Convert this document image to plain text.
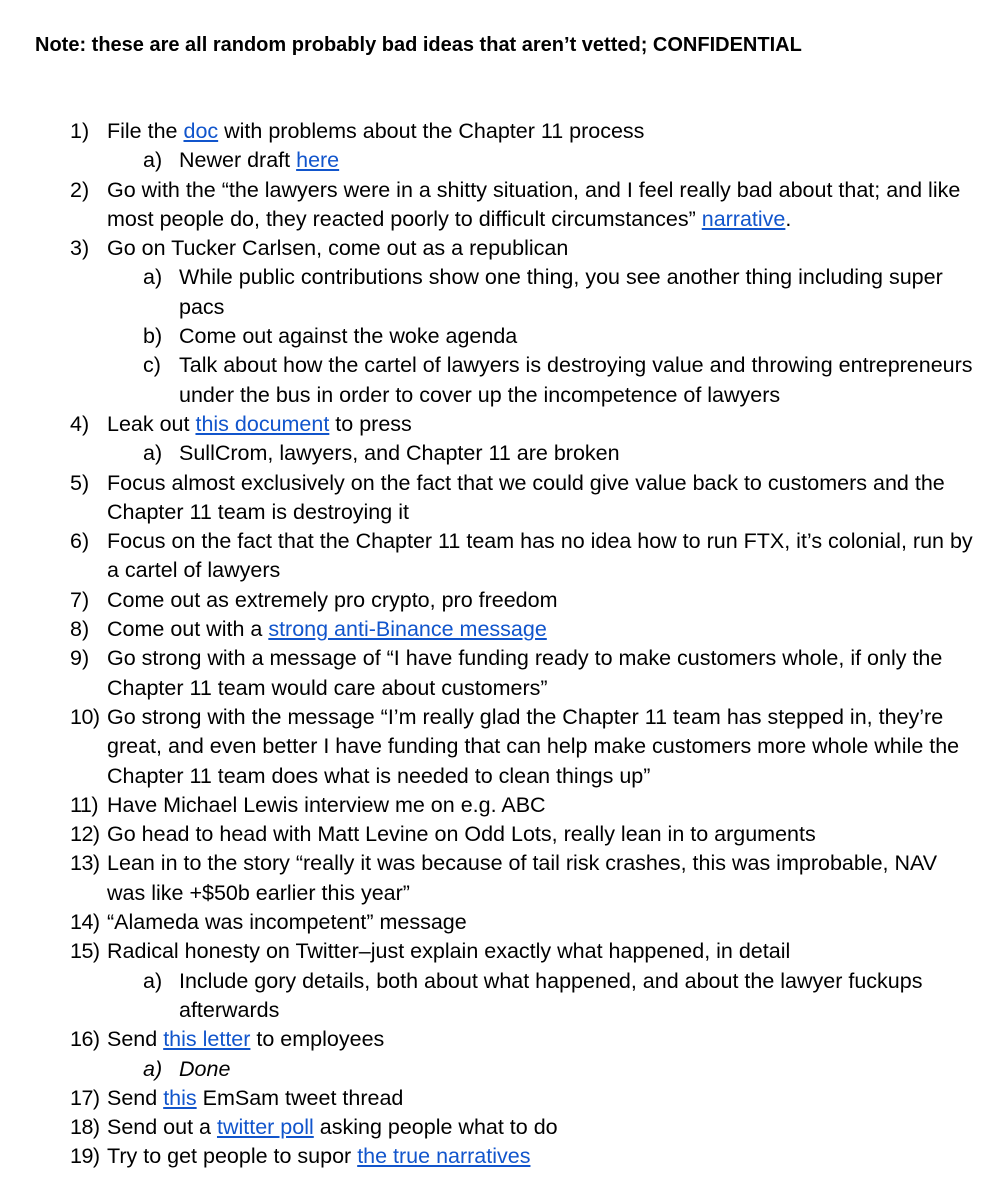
Note: these are all random probably bad ideas that aren’t vetted; CONFIDENTIAL
1) File the doc with problems about the Chapter 11 process
a) Newer draft here
2) Go with the “the lawyers were in a shitty situation, and I feel really bad about that; and like most people do, they reacted poorly to difficult circumstances” narrative.
3) Go on Tucker Carlsen, come out as a republican
a) While public contributions show one thing, you see another thing including super pacs
b) Come out against the woke agenda
c) Talk about how the cartel of lawyers is destroying value and throwing entrepreneurs under the bus in order to cover up the incompetence of lawyers
4) Leak out this document to press
a) SullCrom, lawyers, and Chapter 11 are broken
5) Focus almost exclusively on the fact that we could give value back to customers and the Chapter 11 team is destroying it
6) Focus on the fact that the Chapter 11 team has no idea how to run FTX, it’s colonial, run by a cartel of lawyers
7) Come out as extremely pro crypto, pro freedom
8) Come out with a strong anti-Binance message
9) Go strong with a message of “I have funding ready to make customers whole, if only the Chapter 11 team would care about customers”
10) Go strong with the message “I’m really glad the Chapter 11 team has stepped in, they’re great, and even better I have funding that can help make customers more whole while the Chapter 11 team does what is needed to clean things up”
11) Have Michael Lewis interview me on e.g. ABC
12) Go head to head with Matt Levine on Odd Lots, really lean in to arguments
13) Lean in to the story “really it was because of tail risk crashes, this was improbable, NAV was like +$50b earlier this year”
14) “Alameda was incompetent” message
15) Radical honesty on Twitter–just explain exactly what happened, in detail
a) Include gory details, both about what happened, and about the lawyer fuckups afterwards
16) Send this letter to employees
a) Done
17) Send this EmSam tweet thread
18) Send out a twitter poll asking people what to do
19) Try to get people to supor the true narratives
